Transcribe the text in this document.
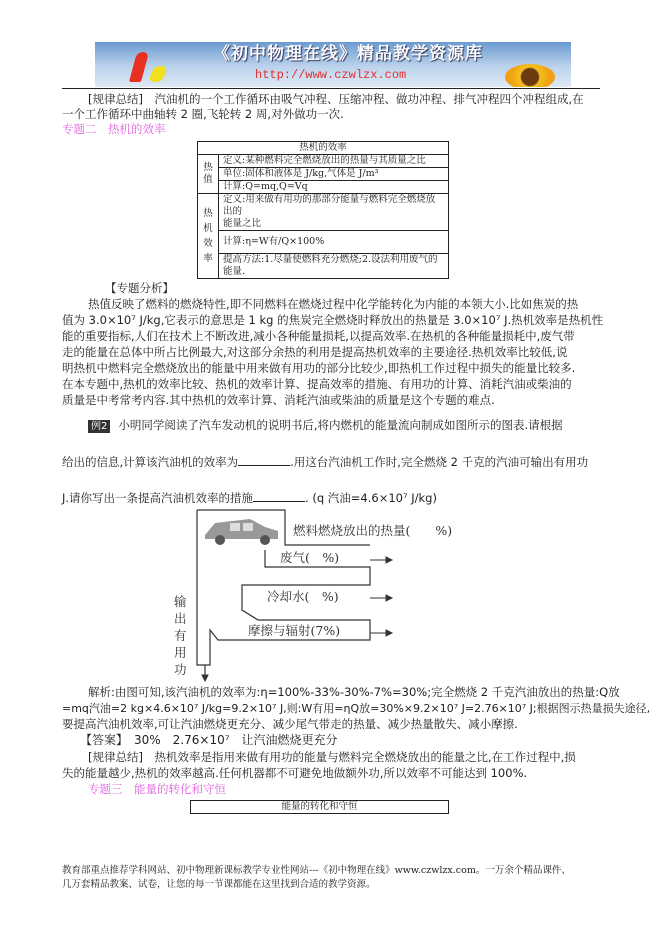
《初中物理在线》精品教学资源库
http://www.czwlzx.com
[规律总结]　汽油机的一个工作循环由吸气冲程、压缩冲程、做功冲程、排气冲程四个冲程组成,在
一个工作循环中曲轴转 2 圈,飞轮转 2 周,对外做功一次.
专题二　热机的效率
热机的效率	
热值	定义:某种燃料完全燃烧放出的热量与其质量之比
	单位:固体和液体是 J/kg,气体是 J/m³
	计算:Q=mq,Q=Vq
热机效率	定义:用来做有用功的那部分能量与燃料完全燃烧放出的
能量之比
	计算:η=W有/Q×100%
	提高方法:1.尽量使燃料充分燃烧;2.设法利用废气的能量.
【专题分析】
热值反映了燃料的燃烧特性,即不同燃料在燃烧过程中化学能转化为内能的本领大小.比如焦炭的热
值为 3.0×10⁷ J/kg,它表示的意思是 1 kg 的焦炭完全燃烧时释放出的热量是 3.0×10⁷ J.热机效率是热机性
能的重要指标,人们在技术上不断改进,减小各种能量损耗,以提高效率.在热机的各种能量损耗中,废气带
走的能量在总体中所占比例最大,对这部分余热的利用是提高热机效率的主要途径.热机效率比较低,说
明热机中燃料完全燃烧放出的能量中用来做有用功的部分比较少,即热机工作过程中损失的能量比较多.
在本专题中,热机的效率比较、热机的效率计算、提高效率的措施、有用功的计算、消耗汽油或柴油的
质量是中考常考内容.其中热机的效率计算、消耗汽油或柴油的质量是这个专题的难点.
例2 小明同学阅读了汽车发动机的说明书后,将内燃机的能量流向制成如图所示的图表.请根据
给出的信息,计算该汽油机的效率为	.用这台汽油机工作时,完全燃烧 2 千克的汽油可输出有用功
J.请你写出一条提高汽油机效率的措施	. (q 汽油=4.6×10⁷ J/kg)
燃料燃烧放出的热量(　　%)
废气(　%)
冷却水(　%)
摩擦与辐射(7%)
输出有用功
解析:由图可知,该汽油机的效率为:η=100%-33%-30%-7%=30%;完全燃烧 2 千克汽油放出的热量:Q放
=mq汽油=2 kg×4.6×10⁷ J/kg=9.2×10⁷ J,则:W有用=ηQ放=30%×9.2×10⁷ J=2.76×10⁷ J;根据图示热量损失途径,
要提高汽油机效率,可让汽油燃烧更充分、减少尾气带走的热量、减少热量散失、减小摩擦.
【答案】　30%　2.76×10⁷　让汽油燃烧更充分
[规律总结]　热机效率是指用来做有用功的能量与燃料完全燃烧放出的能量之比,在工作过程中,损
失的能量越少,热机的效率越高.任何机器都不可避免地做额外功,所以效率不可能达到 100%.
专题三　能量的转化和守恒
能量的转化和守恒
教育部重点推荐学科网站、初中物理新课标教学专业性网站---《初中物理在线》www.czwlzx.com。一万余个精品课件、
几万套精品教案、试卷，让您的每一节课都能在这里找到合适的教学资源。
